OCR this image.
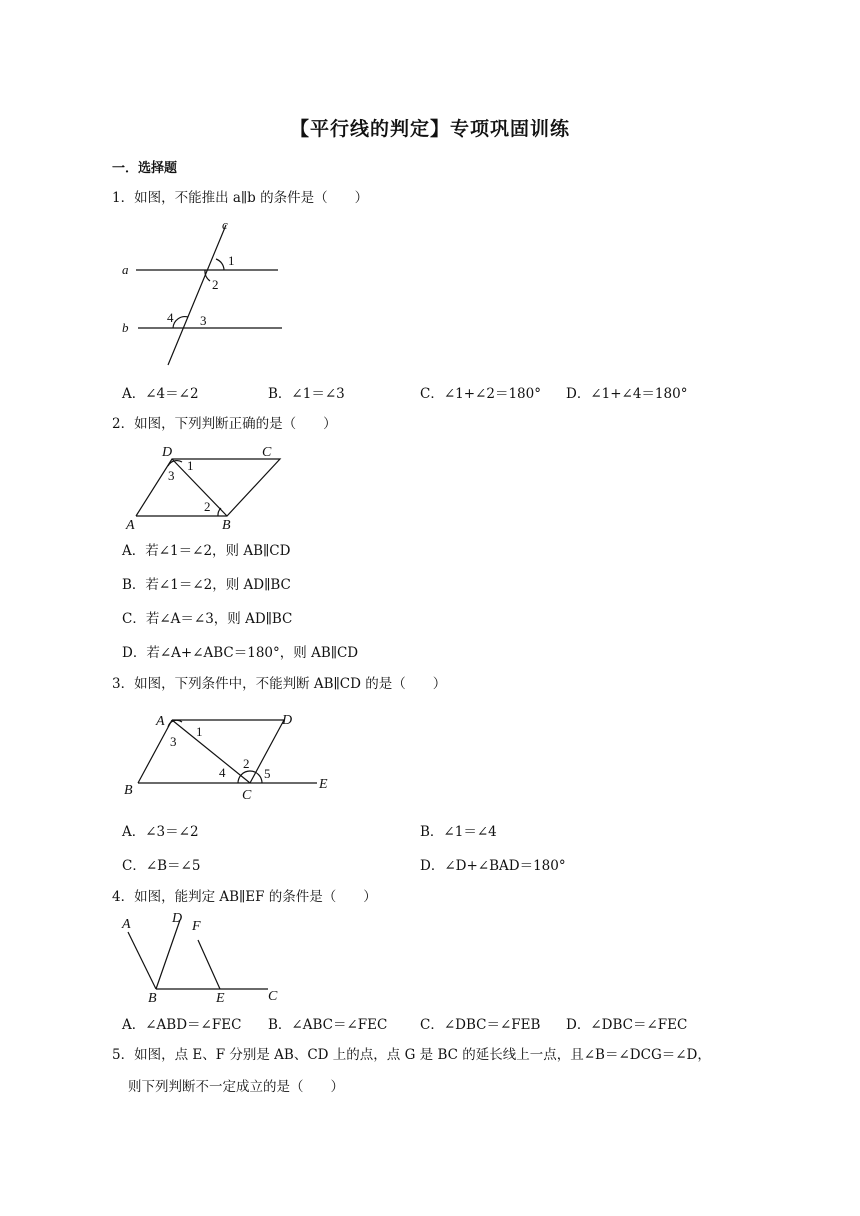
【平行线的判定】专项巩固训练
一．选择题
1．如图，不能推出 a∥b 的条件是（　　）
c
a
b
1
2
3
4
A．∠4＝∠2	B．∠1＝∠3	C．∠1+∠2＝180° D．∠1+∠4＝180°
2．如图，下列判断正确的是（　　）
D	C
A	B
1
2
3
A．若∠1＝∠2，则 AB∥CD
B．若∠1＝∠2，则 AD∥BC
C．若∠A＝∠3，则 AD∥BC
D．若∠A+∠ABC＝180°，则 AB∥CD
3．如图，下列条件中，不能判断 AB∥CD 的是（　　）
A	D
B	C
E
1
2
3
4	5
A．∠3＝∠2	B．∠1＝∠4
C．∠B＝∠5	D．∠D+∠BAD＝180°
4．如图，能判定 AB∥EF 的条件是（　　）
A	D
F
B	E	C
A．∠ABD＝∠FEC B．∠ABC＝∠FEC C．∠DBC＝∠FEB D．∠DBC＝∠FEC
5．如图，点 E、F 分别是 AB、CD 上的点，点 G 是 BC 的延长线上一点，且∠B＝∠DCG＝∠D，
则下列判断不一定成立的是（　　）
